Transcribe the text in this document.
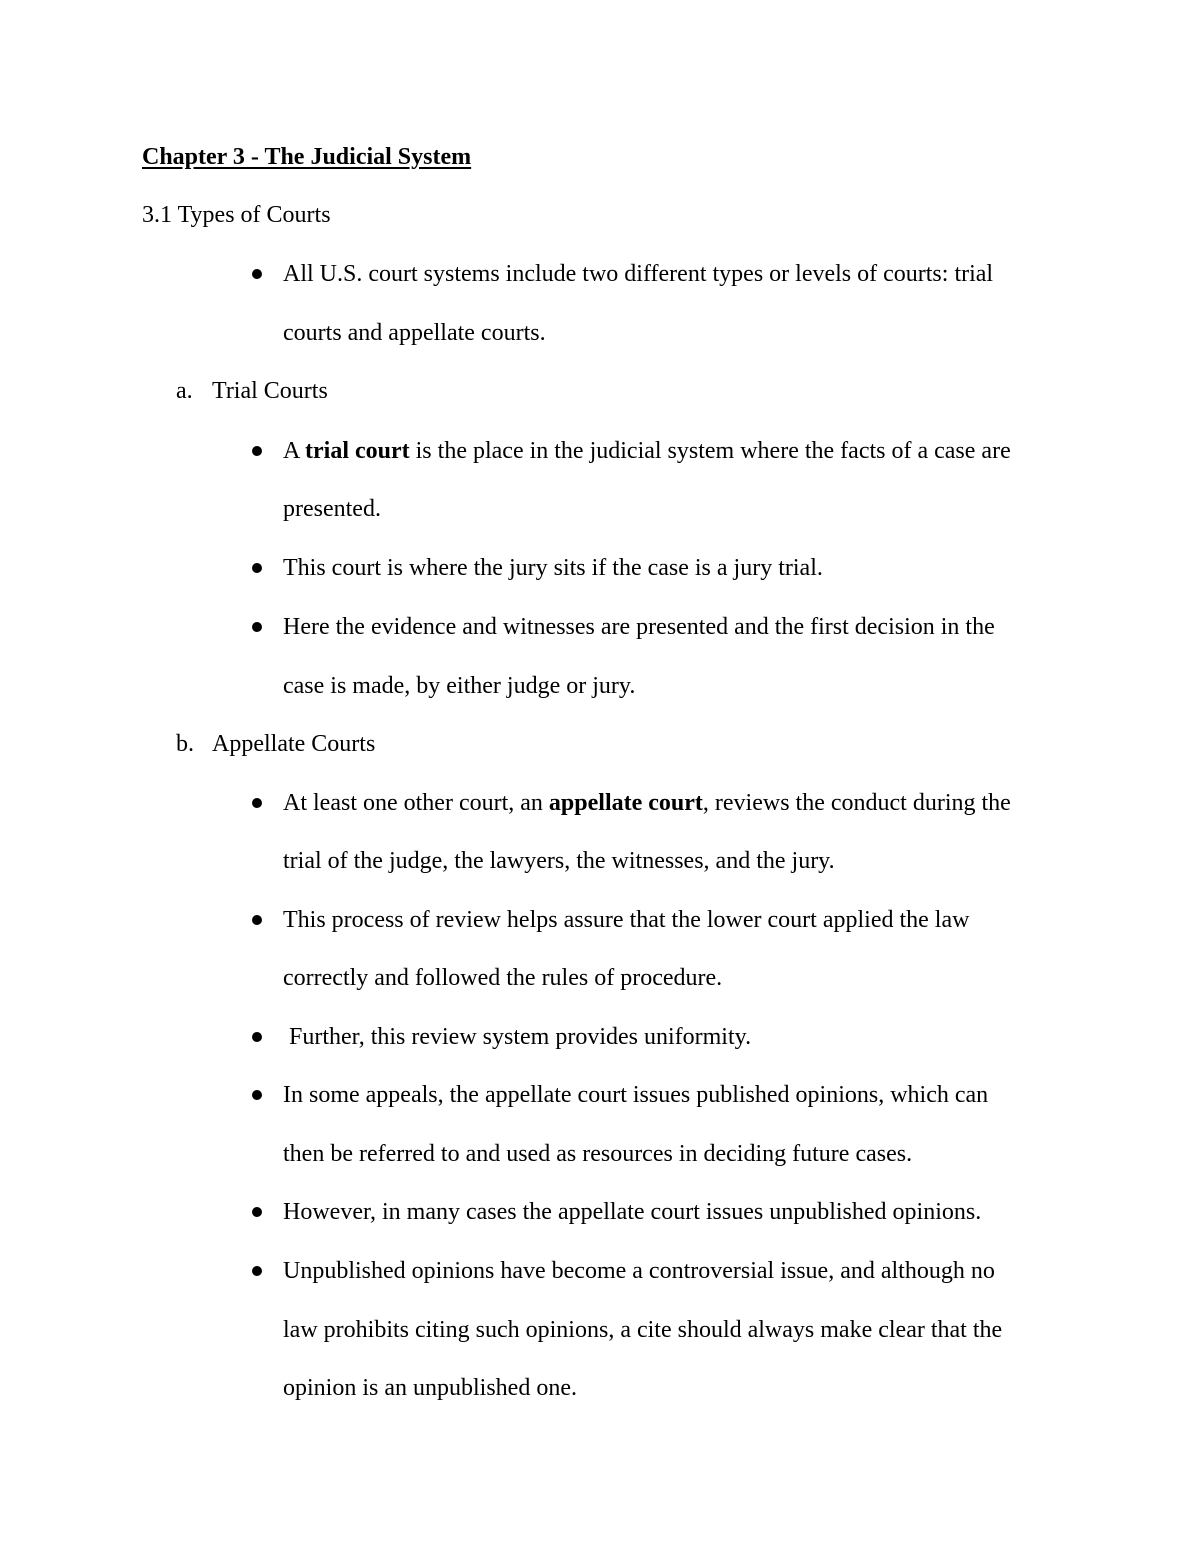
Chapter 3 - The Judicial System
3.1 Types of Courts
All U.S. court systems include two different types or levels of courts: trial
courts and appellate courts.
a. Trial Courts
A trial court is the place in the judicial system where the facts of a case are
presented.
This court is where the jury sits if the case is a jury trial.
Here the evidence and witnesses are presented and the first decision in the
case is made, by either judge or jury.
b. Appellate Courts
At least one other court, an appellate court, reviews the conduct during the
trial of the judge, the lawyers, the witnesses, and the jury.
This process of review helps assure that the lower court applied the law
correctly and followed the rules of procedure.
Further, this review system provides uniformity.
In some appeals, the appellate court issues published opinions, which can
then be referred to and used as resources in deciding future cases.
However, in many cases the appellate court issues unpublished opinions.
Unpublished opinions have become a controversial issue, and although no
law prohibits citing such opinions, a cite should always make clear that the
opinion is an unpublished one.
